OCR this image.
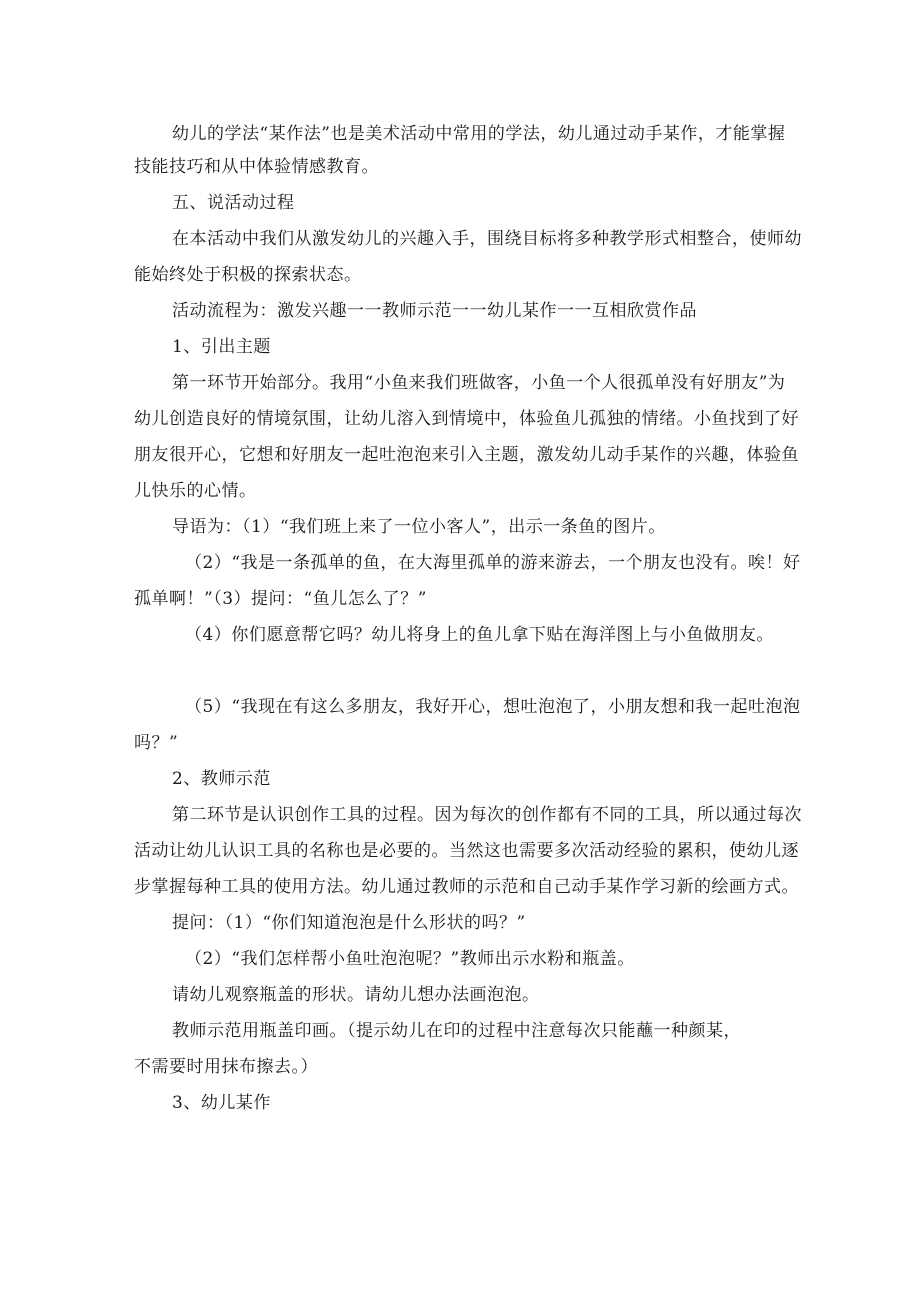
幼儿的学法“某作法”也是美术活动中常用的学法，幼儿通过动手某作，才能掌握
技能技巧和从中体验情感教育。
五、说活动过程
在本活动中我们从激发幼儿的兴趣入手，围绕目标将多种教学形式相整合，使师幼
能始终处于积极的探索状态。
活动流程为：激发兴趣一一教师示范一一幼儿某作一一互相欣赏作品
1、引出主题
第一环节开始部分。我用“小鱼来我们班做客，小鱼一个人很孤单没有好朋友”为
幼儿创造良好的情境氛围，让幼儿溶入到情境中，体验鱼儿孤独的情绪。小鱼找到了好
朋友很开心，它想和好朋友一起吐泡泡来引入主题，激发幼儿动手某作的兴趣，体验鱼
儿快乐的心情。
导语为：（1）“我们班上来了一位小客人”，出示一条鱼的图片。
（2）“我是一条孤单的鱼，在大海里孤单的游来游去，一个朋友也没有。唉！好
孤单啊！”（3）提问：“鱼儿怎么了？”
（4）你们愿意帮它吗？幼儿将身上的鱼儿拿下贴在海洋图上与小鱼做朋友。
（5）“我现在有这么多朋友，我好开心，想吐泡泡了，小朋友想和我一起吐泡泡
吗？”
2、教师示范
第二环节是认识创作工具的过程。因为每次的创作都有不同的工具，所以通过每次
活动让幼儿认识工具的名称也是必要的。当然这也需要多次活动经验的累积，使幼儿逐
步掌握每种工具的使用方法。幼儿通过教师的示范和自己动手某作学习新的绘画方式。
提问：（1）“你们知道泡泡是什么形状的吗？”
（2）“我们怎样帮小鱼吐泡泡呢？”教师出示水粉和瓶盖。
请幼儿观察瓶盖的形状。请幼儿想办法画泡泡。
教师示范用瓶盖印画。（提示幼儿在印的过程中注意每次只能蘸一种颜某，
不需要时用抹布擦去。）
3、幼儿某作
